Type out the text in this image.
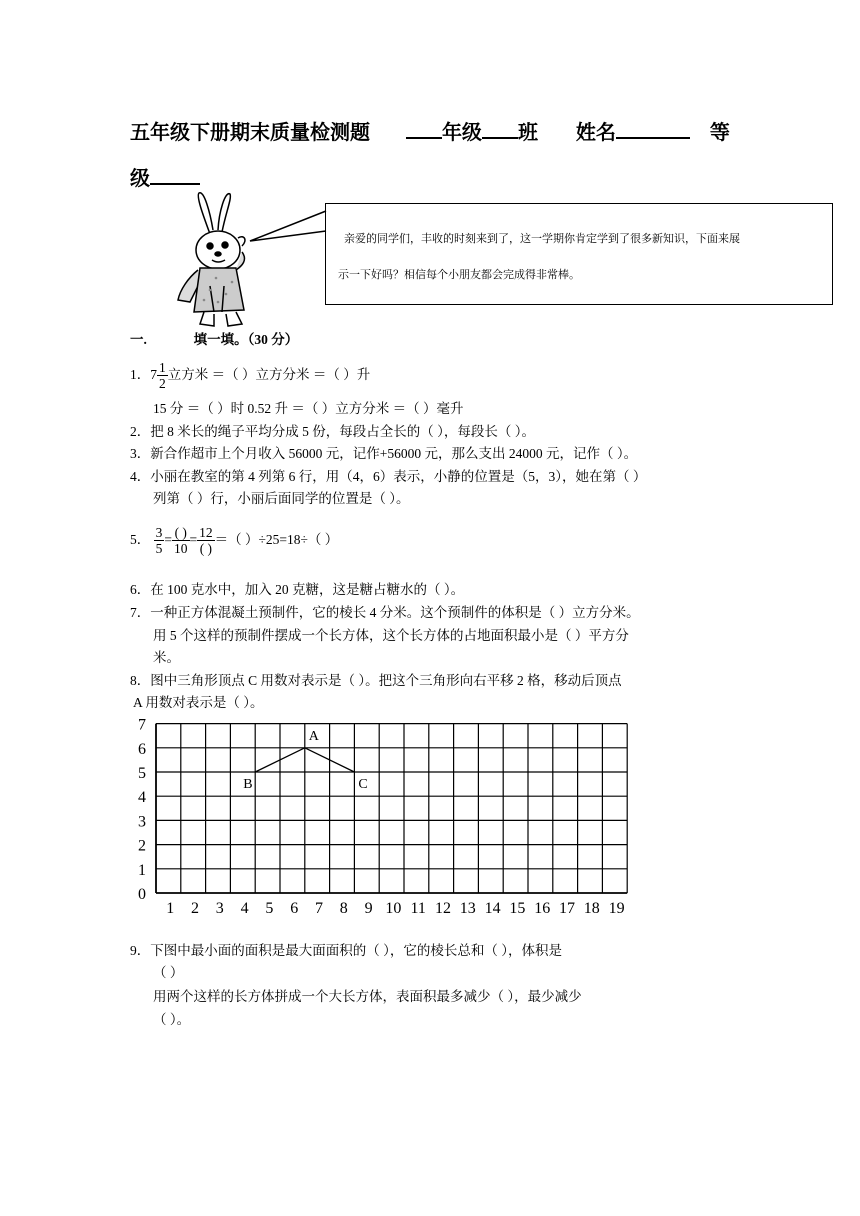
五年级下册期末质量检测题	年级 班 姓名	等
级
亲爱的同学们，丰收的时刻来到了，这一学期你肯定学到了很多新知识，下面来展
示一下好吗？相信每个小朋友都会完成得非常棒。
一.	填一填。（30 分）
1．$7 \frac{1}{2}$ 立方米 ＝（ ）立方分米 ＝（ ）升
15 分 ＝（ ）时 0.52 升 ＝（ ）立方分米 ＝（ ）毫升
2．把 8 米长的绳子平均分成 5 份，每段占全长的（ ），每段长（ ）。
3．新合作超市上个月收入 56000 元，记作+56000 元，那么支出 24000 元，记作（ ）。
4．小丽在教室的第 4 列第 6 行，用（4，6）表示，小静的位置是（5，3），她在第（ ）
列第（ ）行，小丽后面同学的位置是（ ）。
5． $\frac{3}{5} = \frac{( )}{10} = \frac{12}{( )}$ ＝（ ）÷25=18÷（ ）
6．在 100 克水中，加入 20 克糖，这是糖占糖水的（ ）。
7．一种正方体混凝土预制件，它的棱长 4 分米。这个预制件的体积是（ ）立方分米。
用 5 个这样的预制件摆成一个长方体，这个长方体的占地面积最小是（ ）平方分
米。
8．图中三角形顶点 C 用数对表示是（ ）。把这个三角形向右平移 2 格，移动后顶点
A 用数对表示是（ ）。
1 2 3 4 5 6 7 8 9 10 11 12 13 14 15 16 17 18 19
0
1
2
3
4
5
6
7
A
B	C
9．下图中最小面的面积是最大面面积的（ ），它的棱长总和（ ），体积是
（ ）
用两个这样的长方体拼成一个大长方体，表面积最多减少（ ），最少减少
（ ）。
